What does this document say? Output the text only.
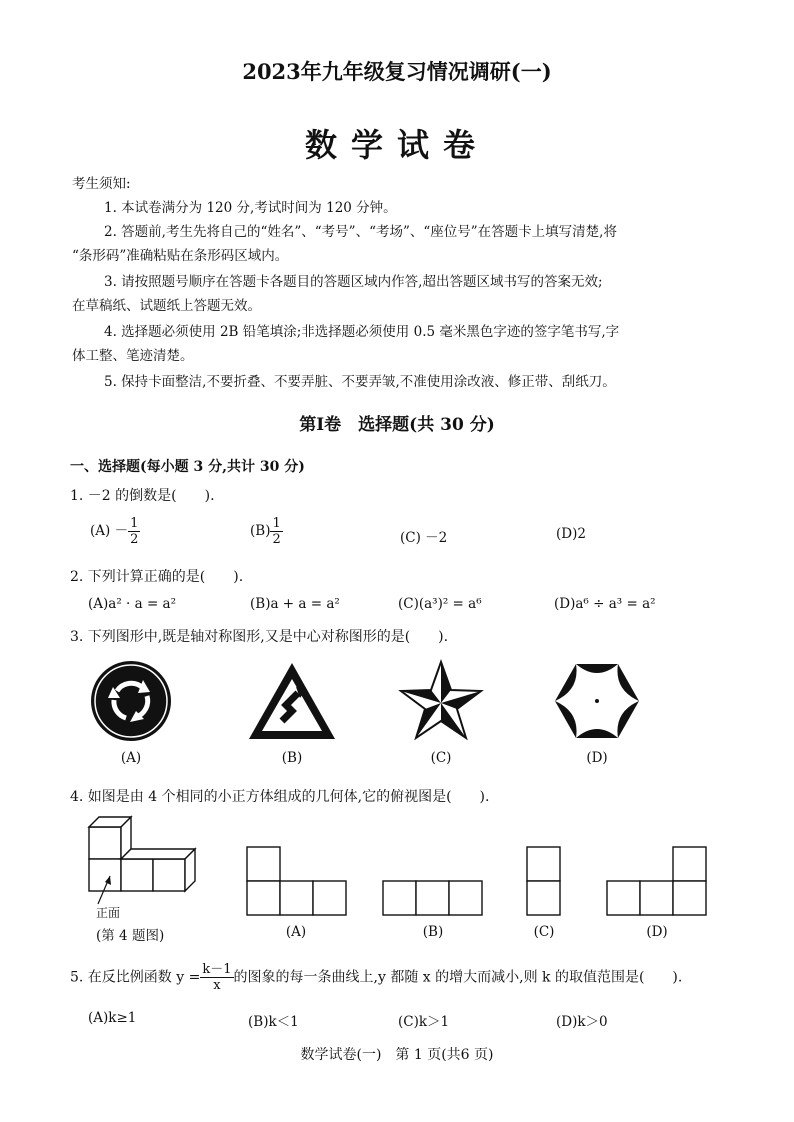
2023年九年级复习情况调研(一)
数学试卷
考生须知:
1. 本试卷满分为 120 分,考试时间为 120 分钟。
2. 答题前,考生先将自己的“姓名”、“考号”、“考场”、“座位号”在答题卡上填写清楚,将
“条形码”准确粘贴在条形码区域内。
3. 请按照题号顺序在答题卡各题目的答题区域内作答,超出答题区域书写的答案无效;
在草稿纸、试题纸上答题无效。
4. 选择题必须使用 2B 铅笔填涂;非选择题必须使用 0.5 毫米黑色字迹的签字笔书写,字
体工整、笔迹清楚。
5. 保持卡面整洁,不要折叠、不要弄脏、不要弄皱,不准使用涂改液、修正带、刮纸刀。
第Ⅰ卷　选择题(共 30 分)
一、选择题(每小题 3 分,共计 30 分)
1. －2 的倒数是(　　).
$(A) - \frac{1}{2}$	$(B) \frac{1}{2}$	(C) －2	(D)2
2. 下列计算正确的是(　　).
(A)a² · a = a²	(B)a + a = a²	(C)(a³)² = a⁶	(D)a⁶ ÷ a³ = a²
3. 下列图形中,既是轴对称图形,又是中心对称图形的是(　　).
(A)	(B)	(C)	(D)
4. 如图是由 4 个相同的小正方体组成的几何体,它的俯视图是(　　).
正面
(第 4 题图)	(A)	(B)	(C)	(D)
5. 在反比例函数 $y = \frac{k-1}{x}$ 的图象的每一条曲线上,y 都随 x 的增大而减小,则 k 的取值范围是(　　).
(A)k≥1	(B)k＜1	(C)k＞1	(D)k＞0
数学试卷(一)　第 1 页(共6 页)
